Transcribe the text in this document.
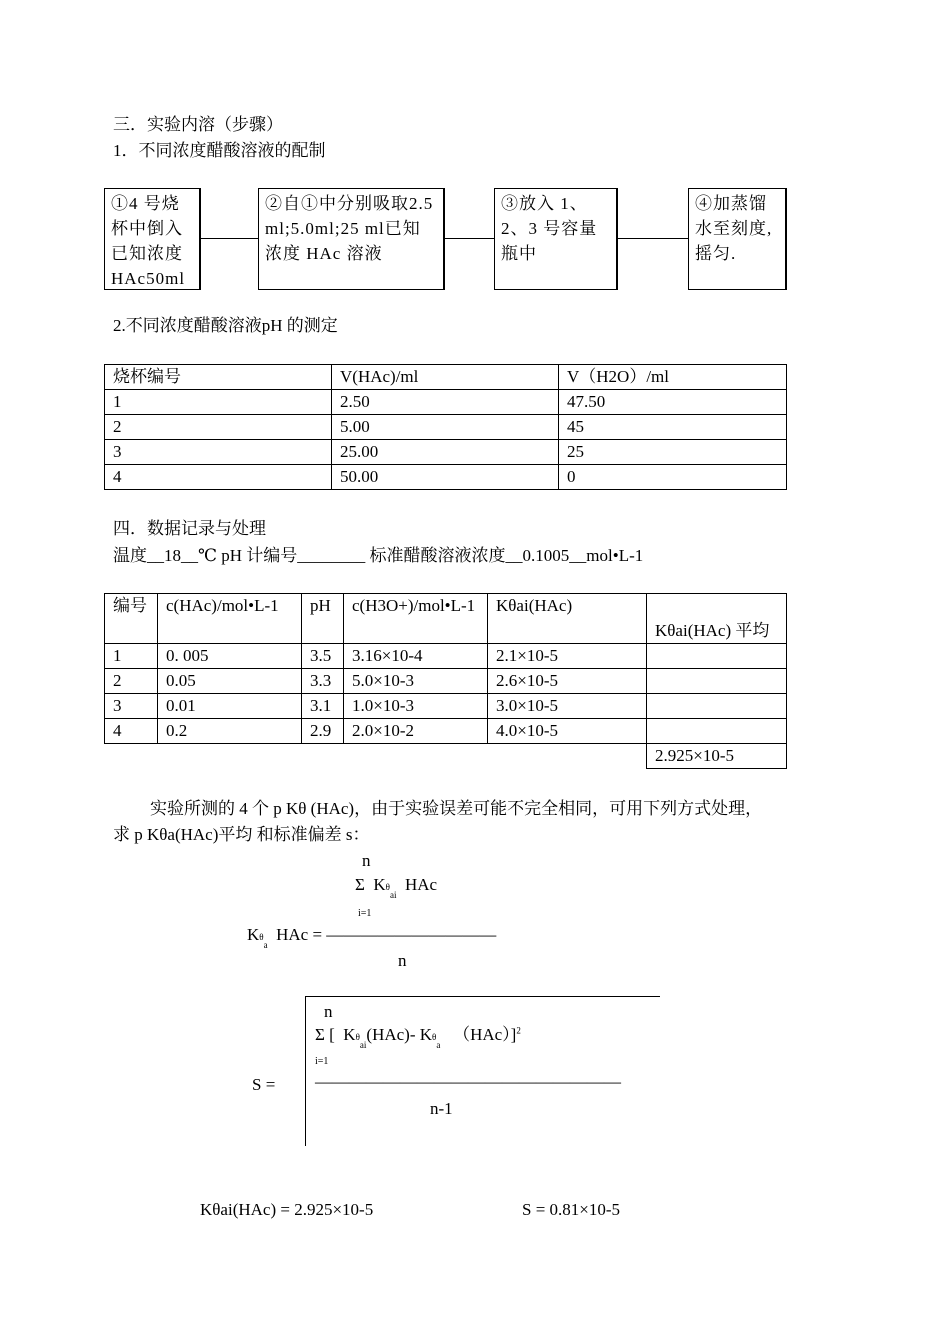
三．实验内溶（步骤）
1．不同浓度醋酸溶液的配制
①4 号烧杯中倒入已知浓度HAc50ml
②自①中分别吸取2.5 ml;5.0ml;25 ml已知浓度 HAc 溶液
③放入 1、2、3 号容量瓶中
④加蒸馏水至刻度,摇匀.
2.不同浓度醋酸溶液pH 的测定
烧杯编号	V(HAc)/ml	V（H2O）/ml
1	2.50	47.50
2	5.00	45
3	25.00	25
4	50.00	0
四．数据记录与处理
温度__18__℃ pH 计编号________ 标准醋酸溶液浓度__0.1005__mol•L-1
编号	c(HAc)/mol•L-1	pH	c(H3O+)/mol•L-1	Kθai(HAc)	Kθai(HAc) 平均
1	0. 005	3.5	3.16×10-4	2.1×10-5	
2	0.05	3.3	5.0×10-3	2.6×10-5	
3	0.01	3.1	1.0×10-3	3.0×10-5	
4	0.2	2.9	2.0×10-2	4.0×10-5	
					2.925×10-5
实验所测的 4 个 p Kθ (HAc)，由于实验误差可能不完全相同，可用下列方式处理，
求 p Kθa(HAc)平均 和标准偏差 s：
n
Σ  $K\theta_{ai}$  HAc
i=1
$K\theta_a$  HAc = ——————————
n
n
Σ [  $K\theta_{ai}(HAc)-$ $K\theta_a$   （HAc）]$^2$
i=1
——————————————————
S =
n-1
Kθai(HAc) = 2.925×10-5	S = 0.81×10-5
